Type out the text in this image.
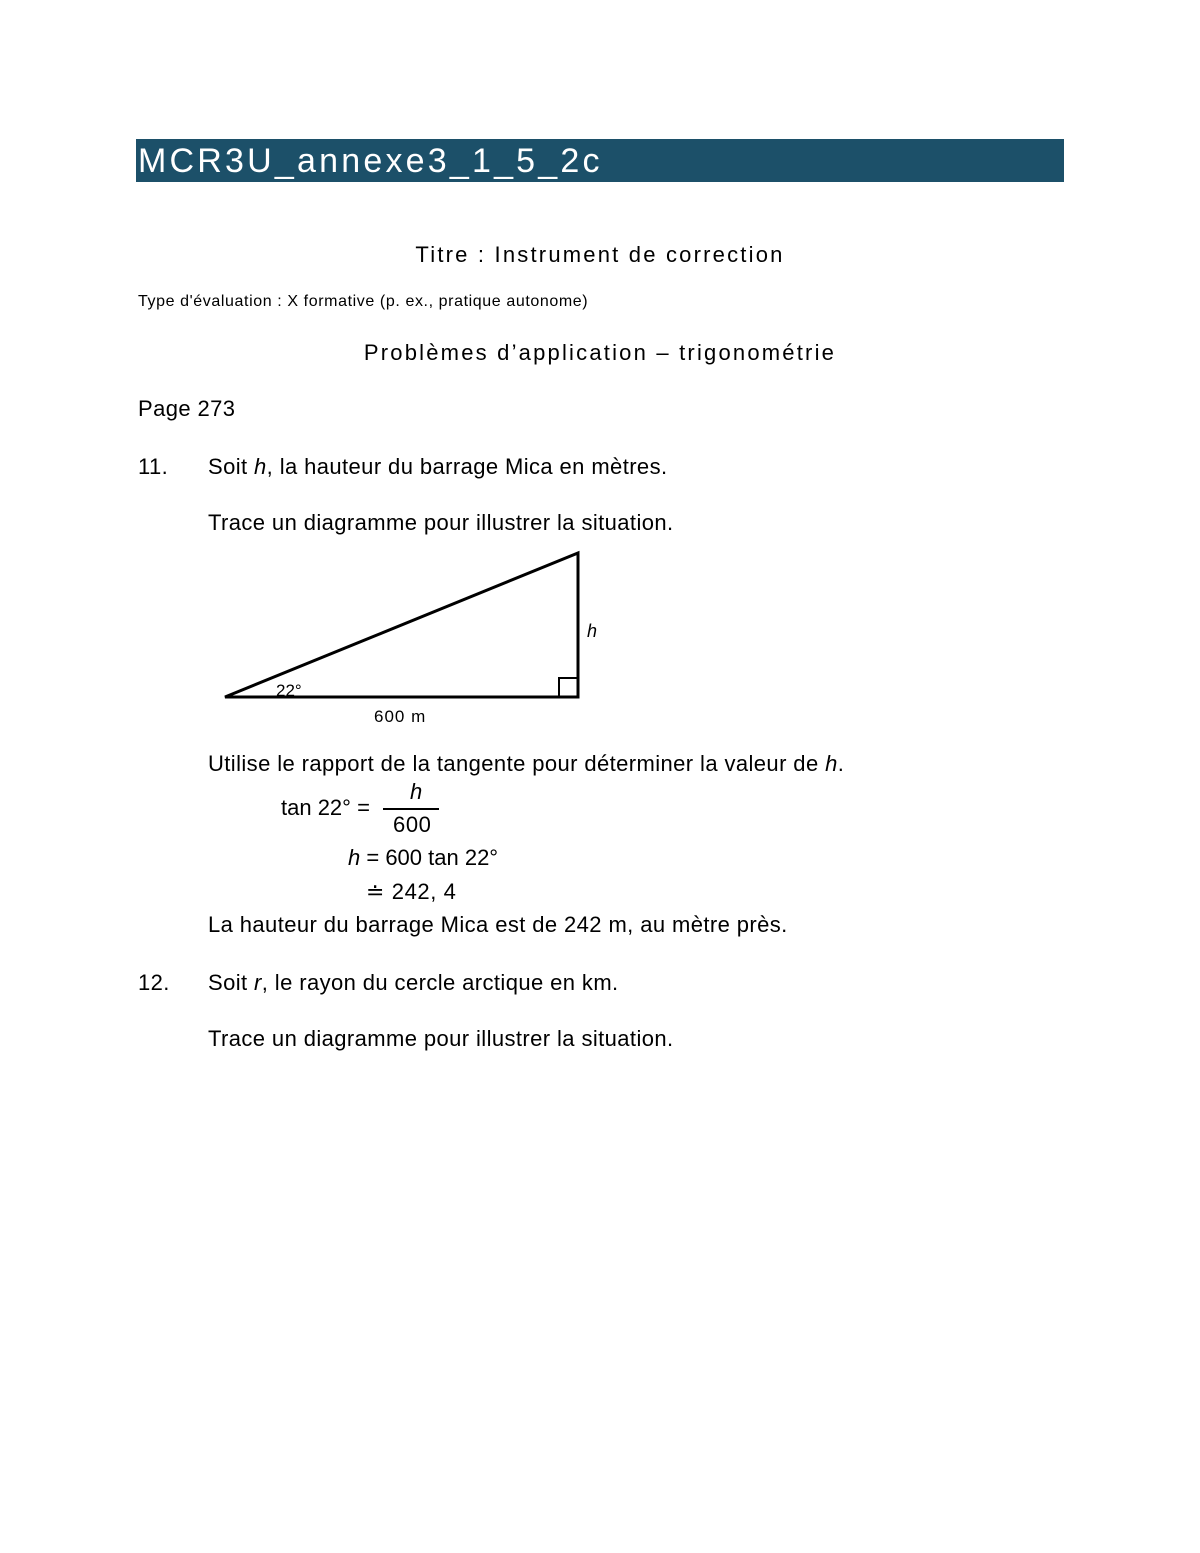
MCR3U_annexe3_1_5_2c
Titre : Instrument de correction
Type d'évaluation : X formative (p. ex., pratique autonome)
Problèmes d’application – trigonométrie
Page 273
11. Soit h, la hauteur du barrage Mica en mètres.
Trace un diagramme pour illustrer la situation.
22°
600 m
h
Utilise le rapport de la tangente pour déterminer la valeur de h.
tan 22° =
h
600
h = 600 tan 22°
≐ 242, 4
La hauteur du barrage Mica est de 242 m, au mètre près.
12. Soit r, le rayon du cercle arctique en km.
Trace un diagramme pour illustrer la situation.
